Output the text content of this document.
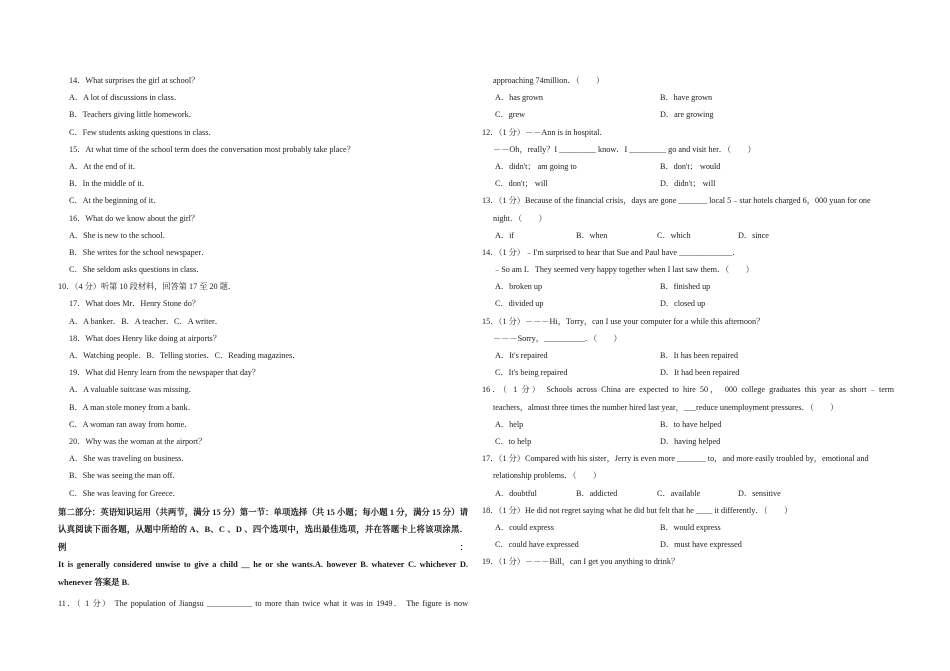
14．What surprises the girl at school？
A．A lot of discussions in class．
B．Teachers giving little homework．
C．Few students asking questions in class．
15．At what time of the school term does the conversation most probably take place？
A．At the end of it．
B．In the middle of it．
C．At the beginning of it．
16．What do we know about the girl？
A．She is new to the school．
B．She writes for the school newspaper．
C．She seldom asks questions in class．
10．（4 分）听第 10 段材料，回答第 17 至 20 题．
17．What does Mr．Henry Stone do？
A．A banker．B．A teacher．C．A writer．
18．What does Henry like doing at airports？
A．Watching people．B．Telling stories．C．Reading magazines．
19．What did Henry learn from the newspaper that day？
A．A valuable suitcase was missing．
B．A man stole money from a bank．
C．A woman ran away from home．
20．Why was the woman at the airport？
A．She was traveling on business．
B．She was seeing the man off．
C．She was leaving for Greece．
第二部分：英语知识运用（共两节，满分 15 分）第一节：单项选择（共 15 小题；每小题 1 分，满分 15 分）请
认真阅读下面各题，从题中所给的 A、B、C 、D 、四个选项中，选出最佳选项，并在答题卡上将该项涂黑．例：
It is generally considered unwise to give a child __ he or she wants.A. however B. whatever C. whichever D.
whenever 答案是 B.
11．（ 1 分） The population of Jiangsu ___________ to more than twice what it was in 1949． The figure is now
approaching 74million．（　　）
A．has grown	B．have grown
C．grew	D．are growing
12．（1 分）－－Ann is in hospital．
－－Oh，really？I _________ know．I _________ go and visit her．（　　）
A．didn't； am going to	B．don't； would
C．don't； will	D．didn't； will
13．（1 分）Because of the financial crisis，days are gone _______ local 5﹣star hotels charged 6，000 yuan for one
night．（　　）
A．if	B．when	C．which	D．since
14．（1 分）﹣I'm surprised to hear that Sue and Paul have _____________．
﹣So am I．They seemed very happy together when I last saw them．（　　）
A．broken up	B．finished up
C．divided up	D．closed up
15．（1 分）－－－Hi，Torry，can I use your computer for a while this afternoon？
－－－Sorry，__________．（　　）
A．It's repaired	B．It has been repaired
C．It's being repaired	D．It had been repaired
16．（ 1 分） Schools across China are expected to hire 50， 000 college graduates this year as short﹣term
teachers，almost three times the number hired last year，___reduce unemployment pressures．（　　）
A．help	B．to have helped
C．to help	D．having helped
17．（1 分）Compared with his sister，Jerry is even more _______ to，and more easily troubled by，emotional and
relationship problems．（　　）
A．doubtful	B．addicted	C．available	D．sensitive
18．（1 分）He did not regret saying what he did but felt that he ____ it differently．（　　）
A．could express	B．would express
C．could have expressed	D．must have expressed
19．（1 分）－－－Bill，can I get you anything to drink？
